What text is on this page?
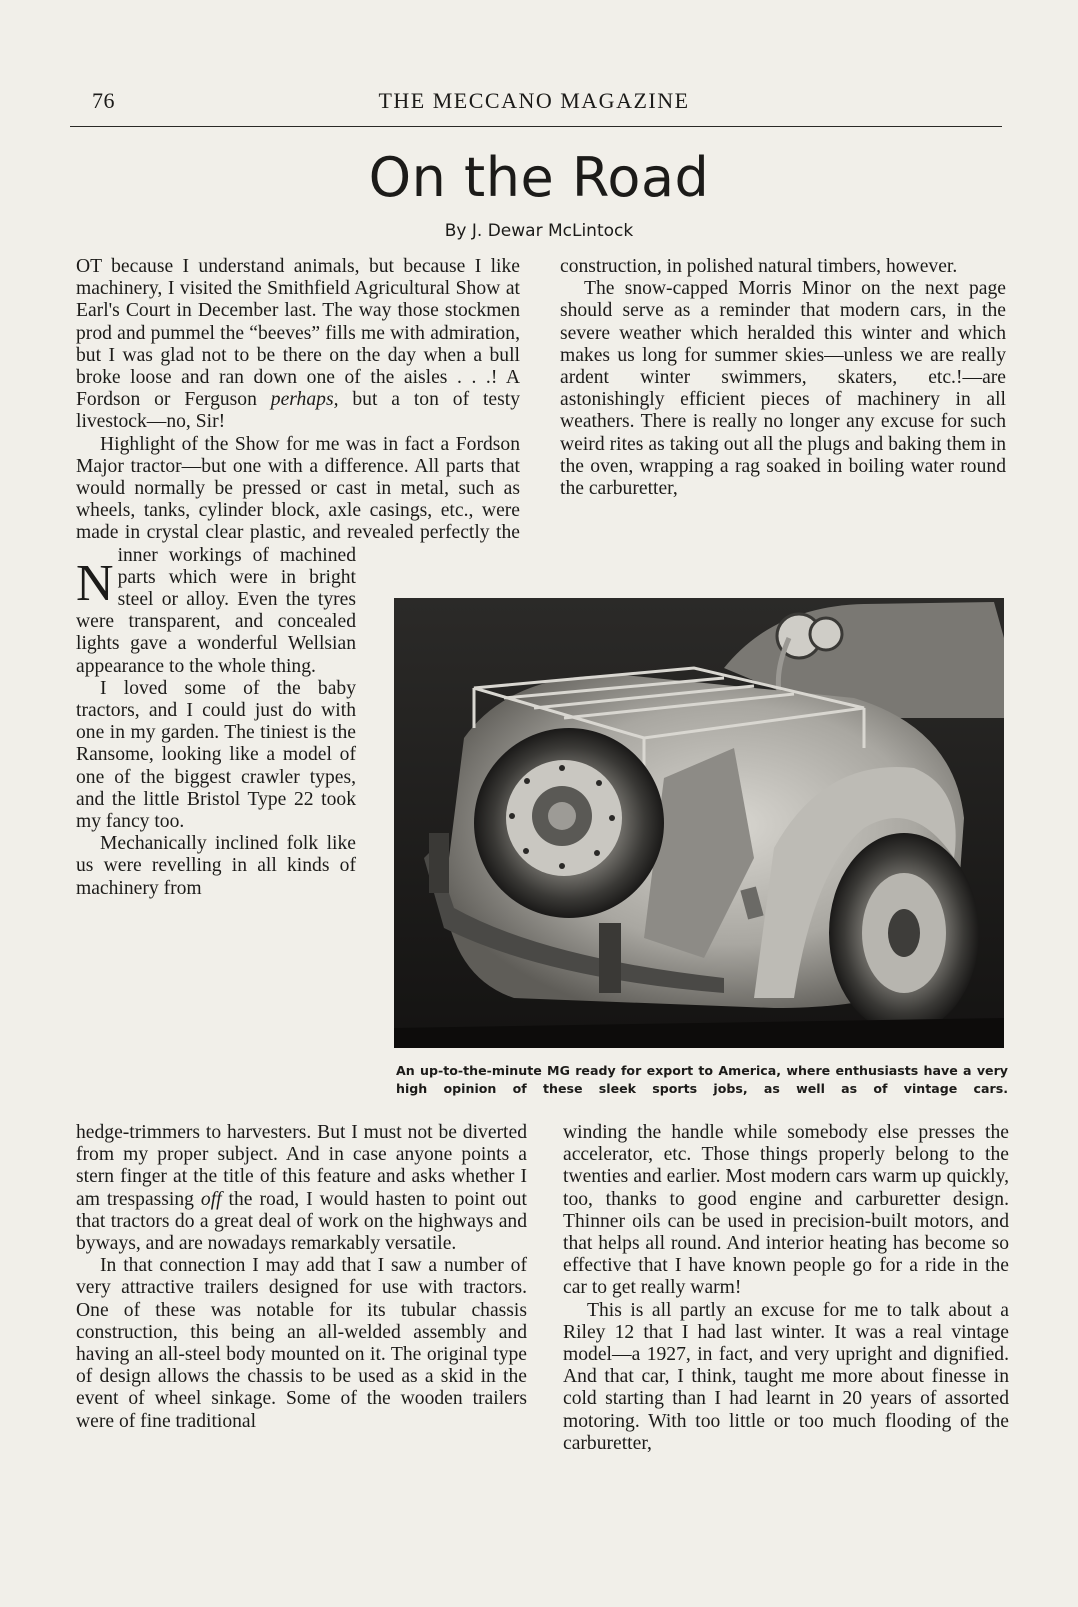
76	THE MECCANO MAGAZINE
On the Road
By J. Dewar McLintock

NOT because I understand animals, but because I like machinery, I visited the Smithfield Agricultural Show at Earl's Court in December last. The way those stockmen prod and pummel the “beeves” fills me with admiration, but I was glad not to be there on the day when a bull broke loose and ran down one of the aisles . . .! A Fordson or Ferguson perhaps, but a ton of testy livestock—no, Sir!

Highlight of the Show for me was in fact a Fordson Major tractor—but one with a difference. All parts that would normally be pressed or cast in metal, such as wheels, tanks, cylinder block, axle casings, etc., were made in crystal clear plastic, and revealed perfectly the inner workings of machined parts which were in bright steel or alloy. Even the tyres were transparent, and concealed lights gave a wonderful Wellsian appearance to the whole thing.

I loved some of the baby tractors, and I could just do with one in my garden. The tiniest is the Ransome, looking like a model of one of the biggest crawler types, and the little Bristol Type 22 took my fancy too.

Mechanically inclined folk like us were revelling in all kinds of machinery from

construction, in polished natural timbers, however.

The snow-capped Morris Minor on the next page should serve as a reminder that modern cars, in the severe weather which heralded this winter and which makes us long for summer skies—unless we are really ardent winter swimmers, skaters, etc.!—are astonishingly efficient pieces of machinery in all weathers. There is really no longer any excuse for such weird rites as taking out all the plugs and baking them in the oven, wrapping a rag soaked in boiling water round the carburetter,

An up-to-the-minute MG ready for export to America, where enthusiasts have a very high opinion of these sleek sports jobs, as well as of vintage cars.

hedge-trimmers to harvesters. But I must not be diverted from my proper subject. And in case anyone points a stern finger at the title of this feature and asks whether I am trespassing off the road, I would hasten to point out that tractors do a great deal of work on the highways and byways, and are nowadays remarkably versatile.

In that connection I may add that I saw a number of very attractive trailers designed for use with tractors. One of these was notable for its tubular chassis construction, this being an all-welded assembly and having an all-steel body mounted on it. The original type of design allows the chassis to be used as a skid in the event of wheel sinkage. Some of the wooden trailers were of fine traditional

winding the handle while somebody else presses the accelerator, etc. Those things properly belong to the twenties and earlier. Most modern cars warm up quickly, too, thanks to good engine and carburetter design. Thinner oils can be used in precision-built motors, and that helps all round. And interior heating has become so effective that I have known people go for a ride in the car to get really warm!

This is all partly an excuse for me to talk about a Riley 12 that I had last winter. It was a real vintage model—a 1927, in fact, and very upright and dignified. And that car, I think, taught me more about finesse in cold starting than I had learnt in 20 years of assorted motoring. With too little or too much flooding of the carburetter,
